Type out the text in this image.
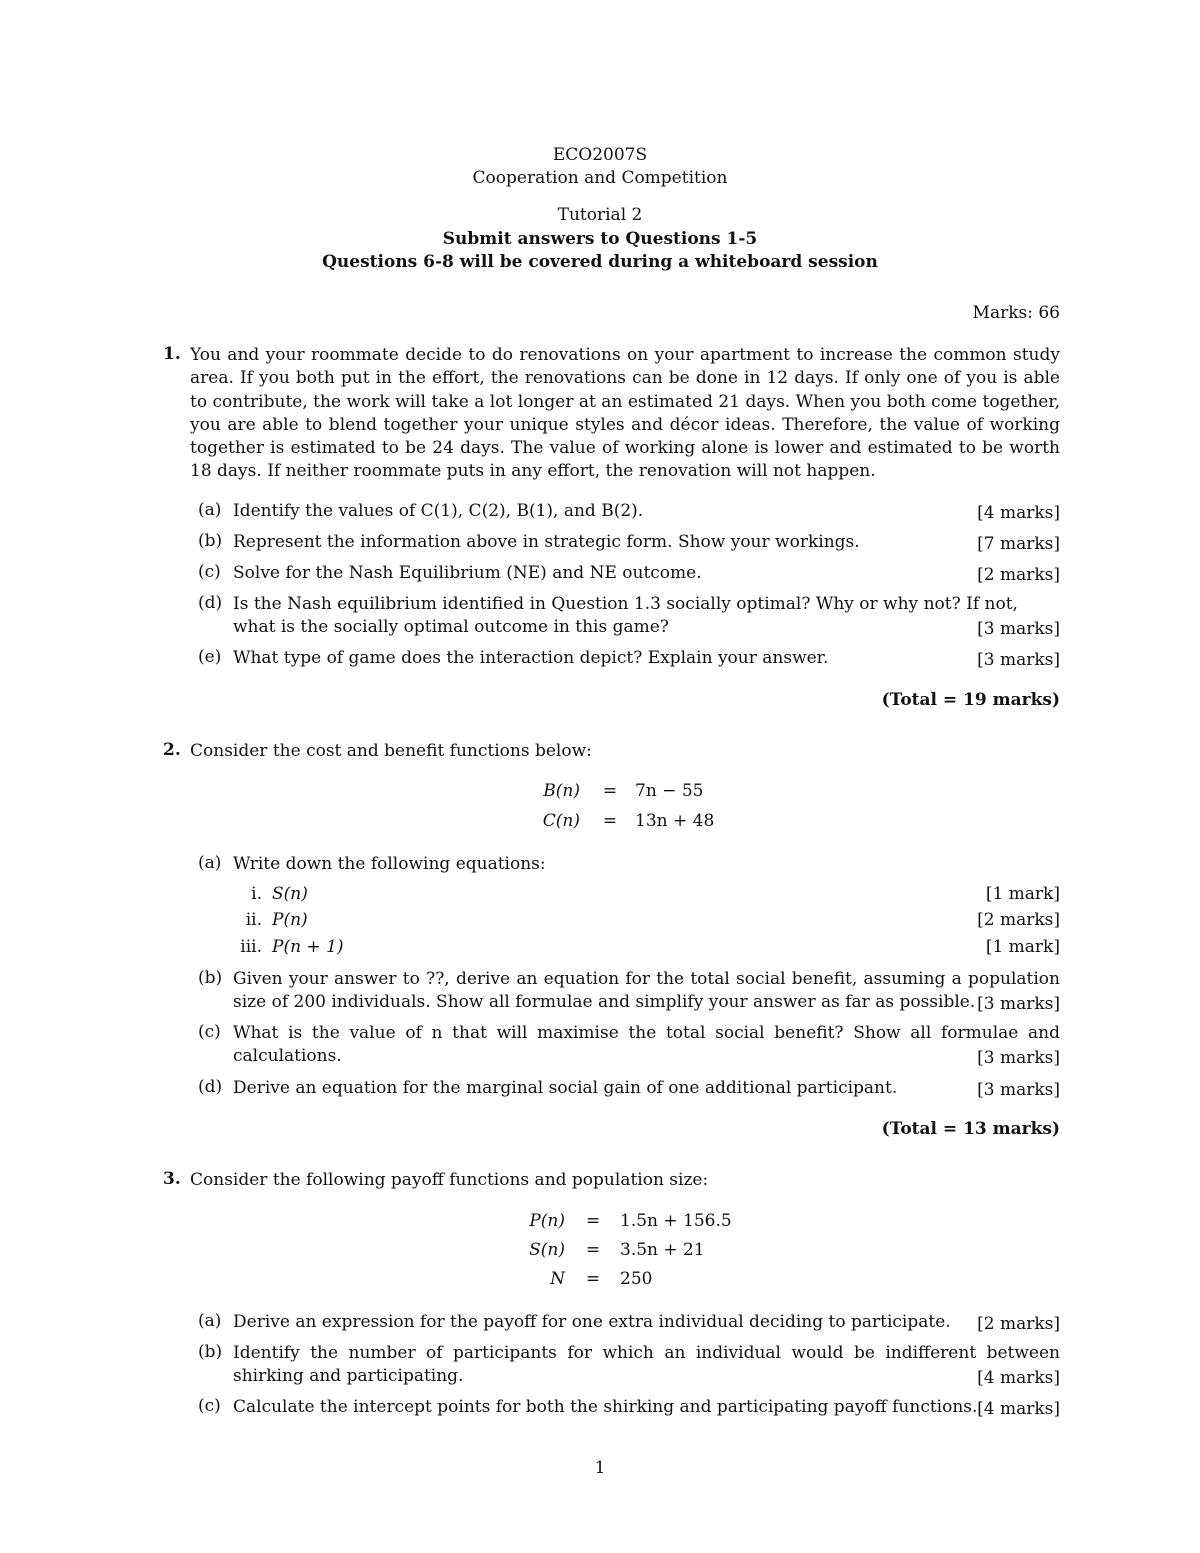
ECO2007S
Cooperation and Competition
Tutorial 2
Submit answers to Questions 1-5
Questions 6-8 will be covered during a whiteboard session
Marks: 66
1. You and your roommate decide to do renovations on your apartment to increase the common study area. If you both put in the effort, the renovations can be done in 12 days. If only one of you is able to contribute, the work will take a lot longer at an estimated 21 days. When you both come together, you are able to blend together your unique styles and décor ideas. Therefore, the value of working together is estimated to be 24 days. The value of working alone is lower and estimated to be worth 18 days. If neither roommate puts in any effort, the renovation will not happen.
(a) Identify the values of C(1), C(2), B(1), and B(2).	[4 marks]
(b) Represent the information above in strategic form. Show your workings.	[7 marks]
(c) Solve for the Nash Equilibrium (NE) and NE outcome.	[2 marks]
(d) Is the Nash equilibrium identified in Question 1.3 socially optimal? Why or why not? If not, what is the socially optimal outcome in this game?	[3 marks]
(e) What type of game does the interaction depict? Explain your answer.	[3 marks]
(Total = 19 marks)
2. Consider the cost and benefit functions below:
B(n)	=	7n − 55
C(n)	=	13n + 48
(a) Write down the following equations:
i. S(n)	[1 mark]
ii. P(n)	[2 marks]
iii. P(n + 1)	[1 mark]
(b) Given your answer to ??, derive an equation for the total social benefit, assuming a population size of 200 individuals. Show all formulae and simplify your answer as far as possible. [3 marks]
(c) What is the value of n that will maximise the total social benefit? Show all formulae and calculations.	[3 marks]
(d) Derive an equation for the marginal social gain of one additional participant.	[3 marks]
(Total = 13 marks)
3. Consider the following payoff functions and population size:
P(n)	=	1.5n + 156.5
S(n)	=	3.5n + 21
N	=	250
(a) Derive an expression for the payoff for one extra individual deciding to participate.	[2 marks]
(b) Identify the number of participants for which an individual would be indifferent between shirking and participating.	[4 marks]
(c) Calculate the intercept points for both the shirking and participating payoff functions. [4 marks]
1
